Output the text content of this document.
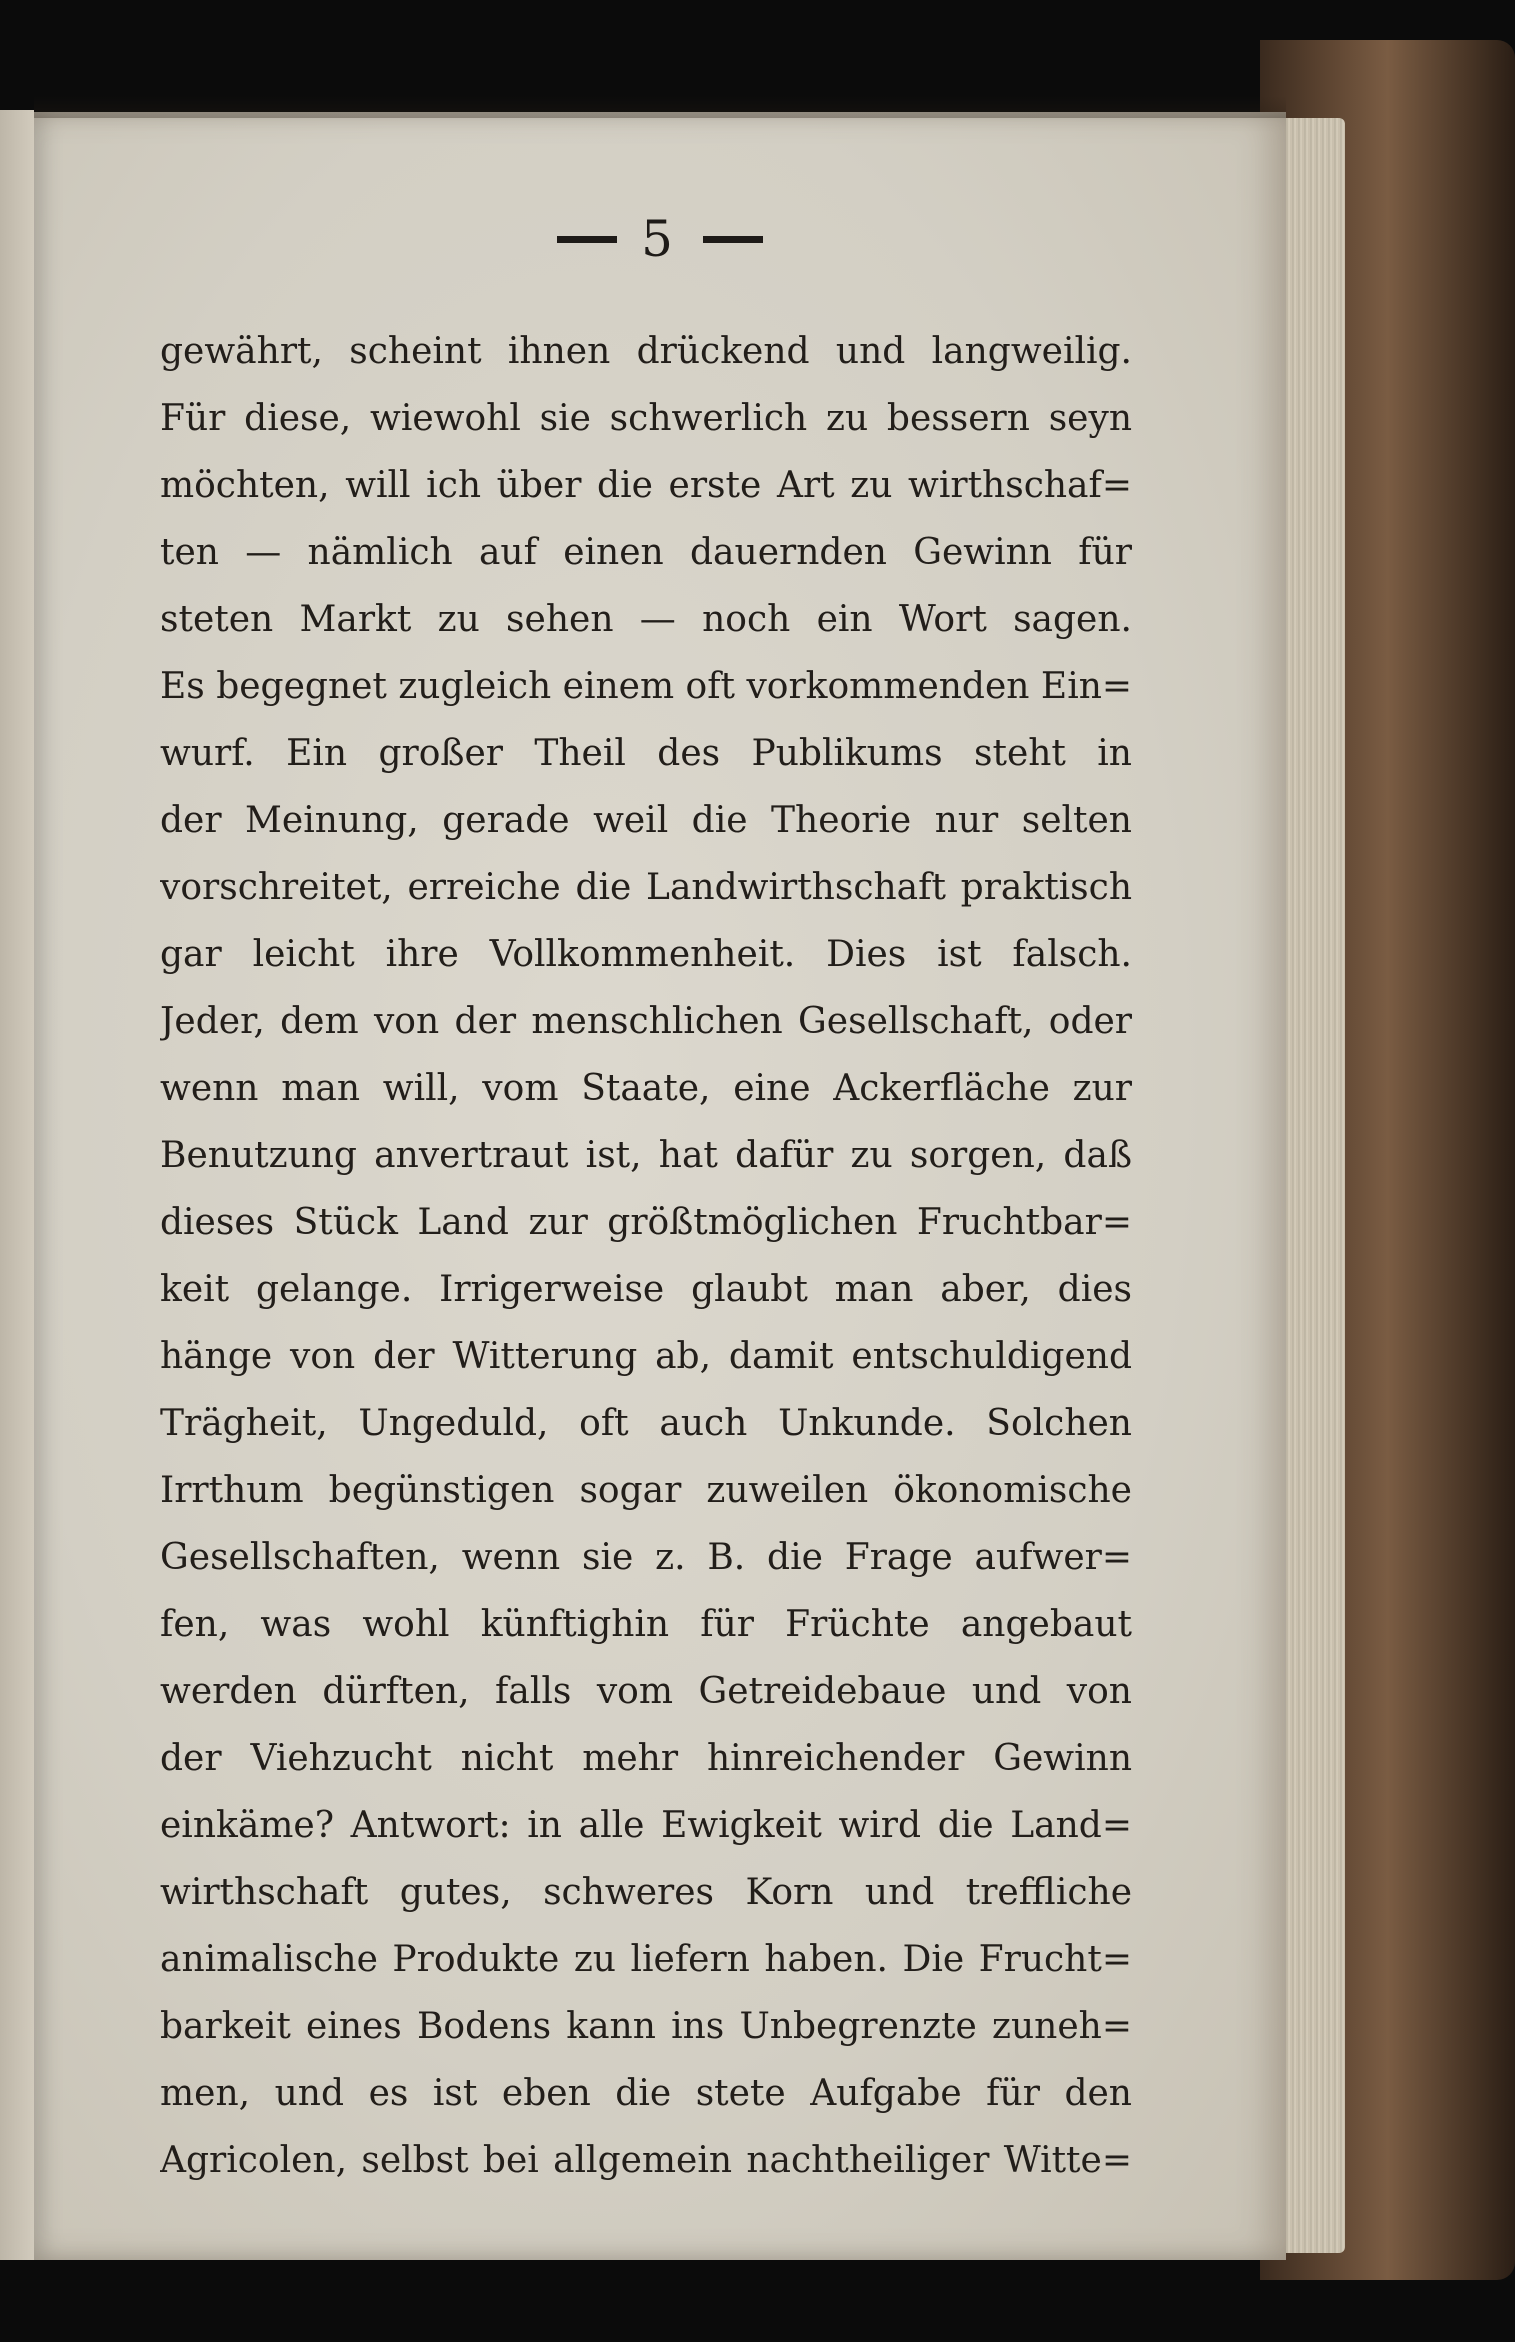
5
gewährt, scheint ihnen drückend und langweilig.
Für diese, wiewohl sie schwerlich zu bessern seyn
möchten, will ich über die erste Art zu wirthschaf=
ten — nämlich auf einen dauernden Gewinn für
steten Markt zu sehen — noch ein Wort sagen.
Es begegnet zugleich einem oft vorkommenden Ein=
wurf. Ein großer Theil des Publikums steht in
der Meinung, gerade weil die Theorie nur selten
vorschreitet, erreiche die Landwirthschaft praktisch
gar leicht ihre Vollkommenheit. Dies ist falsch.
Jeder, dem von der menschlichen Gesellschaft, oder
wenn man will, vom Staate, eine Ackerfläche zur
Benutzung anvertraut ist, hat dafür zu sorgen, daß
dieses Stück Land zur größtmöglichen Fruchtbar=
keit gelange. Irrigerweise glaubt man aber, dies
hänge von der Witterung ab, damit entschuldigend
Trägheit, Ungeduld, oft auch Unkunde. Solchen
Irrthum begünstigen sogar zuweilen ökonomische
Gesellschaften, wenn sie z. B. die Frage aufwer=
fen, was wohl künftighin für Früchte angebaut
werden dürften, falls vom Getreidebaue und von
der Viehzucht nicht mehr hinreichender Gewinn
einkäme? Antwort: in alle Ewigkeit wird die Land=
wirthschaft gutes, schweres Korn und treffliche
animalische Produkte zu liefern haben. Die Frucht=
barkeit eines Bodens kann ins Unbegrenzte zuneh=
men, und es ist eben die stete Aufgabe für den
Agricolen, selbst bei allgemein nachtheiliger Witte=
